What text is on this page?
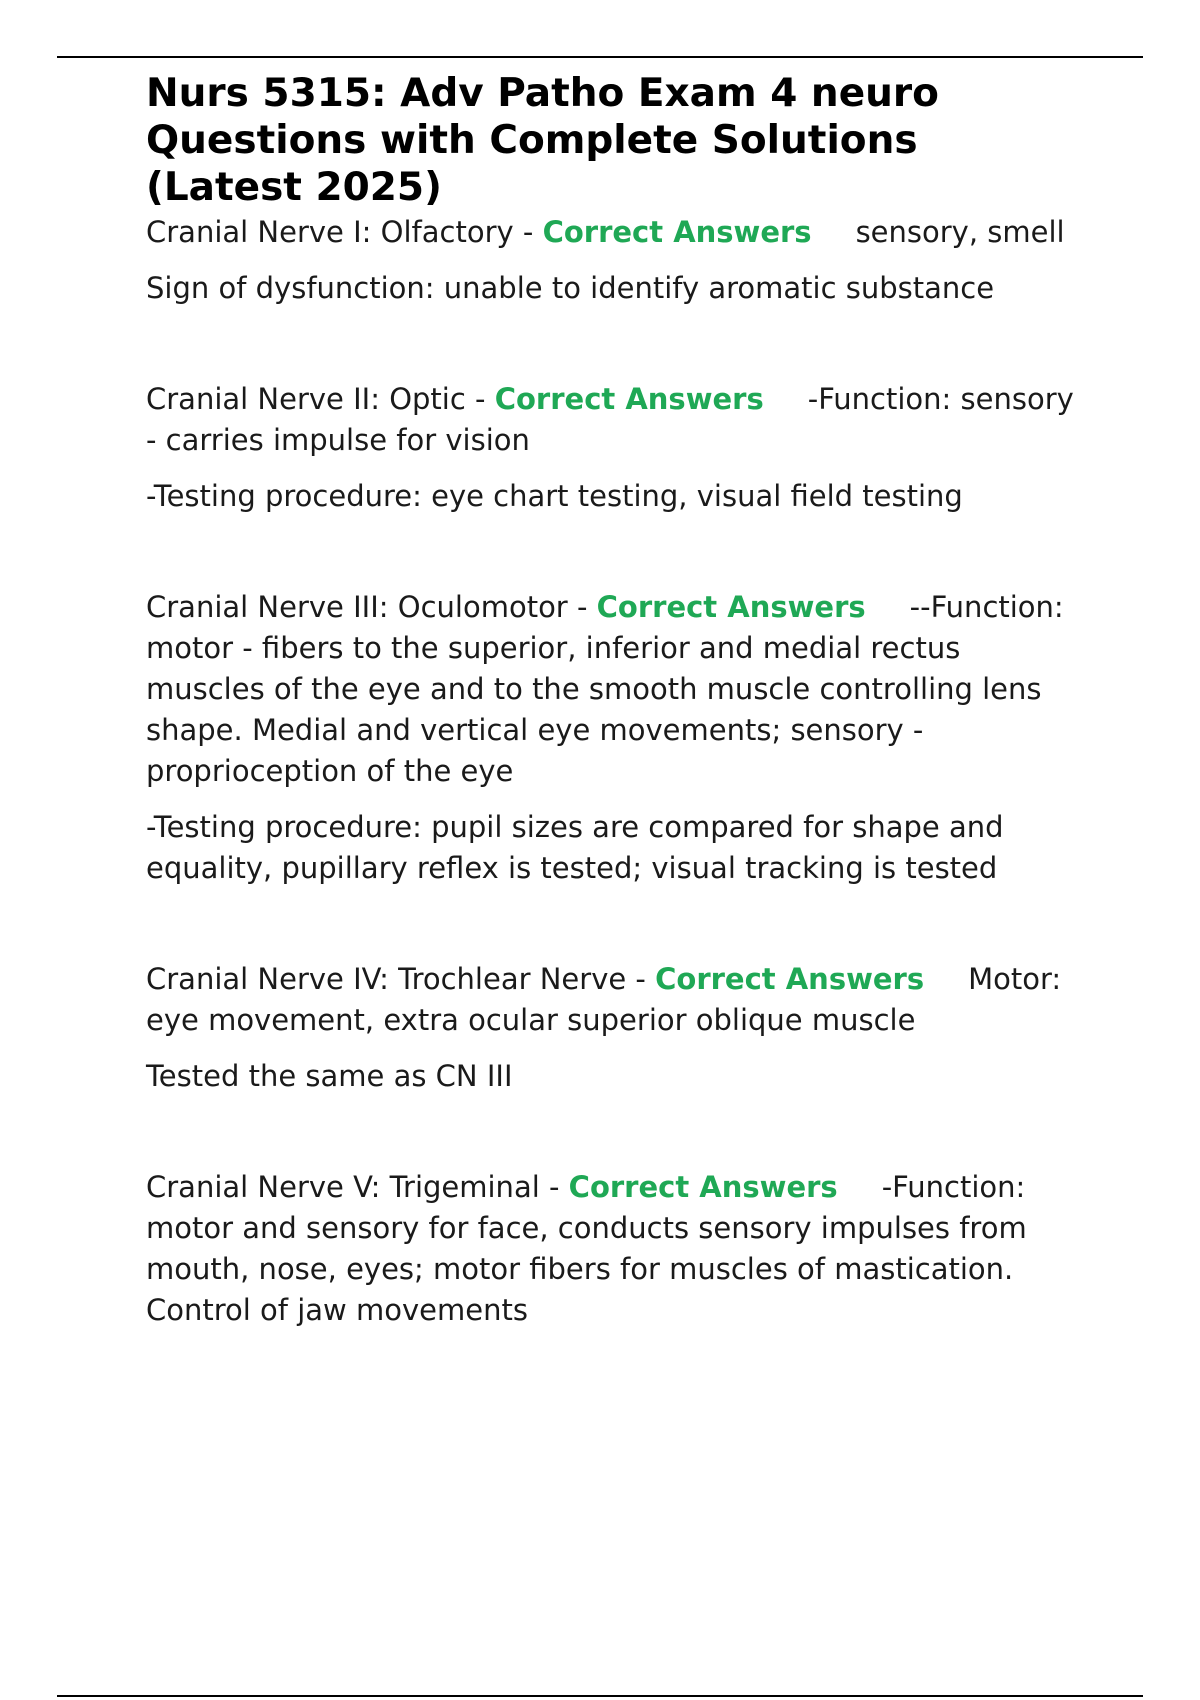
Nurs 5315: Adv Patho Exam 4 neuro Questions with Complete Solutions (Latest 2025)

Cranial Nerve I: Olfactory - Correct Answers sensory, smell

Sign of dysfunction: unable to identify aromatic substance

Cranial Nerve II: Optic - Correct Answers -Function: sensory - carries impulse for vision

-Testing procedure: eye chart testing, visual field testing

Cranial Nerve III: Oculomotor - Correct Answers --Function: motor - fibers to the superior, inferior and medial rectus muscles of the eye and to the smooth muscle controlling lens shape. Medial and vertical eye movements; sensory - proprioception of the eye

-Testing procedure: pupil sizes are compared for shape and equality, pupillary reflex is tested; visual tracking is tested

Cranial Nerve IV: Trochlear Nerve - Correct Answers Motor: eye movement, extra ocular superior oblique muscle

Tested the same as CN III

Cranial Nerve V: Trigeminal - Correct Answers -Function: motor and sensory for face, conducts sensory impulses from mouth, nose, eyes; motor fibers for muscles of mastication. Control of jaw movements
